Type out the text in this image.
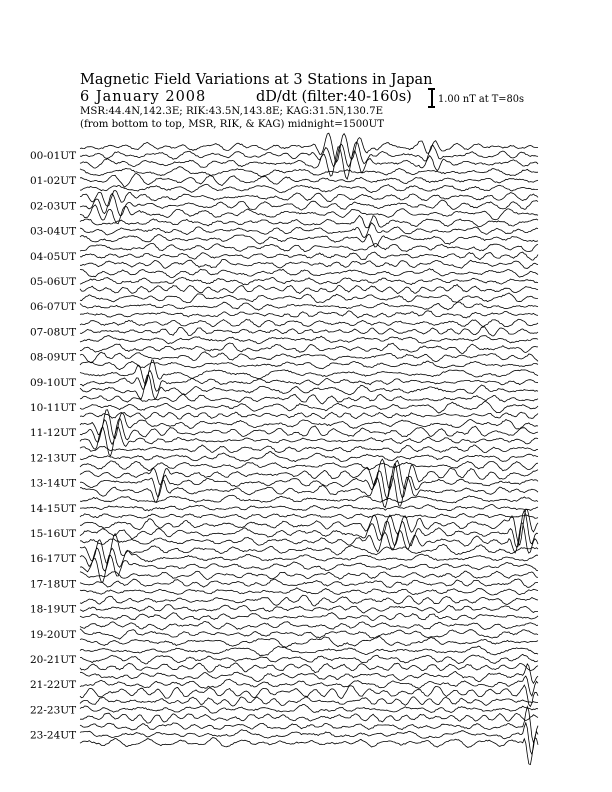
Magnetic Field Variations at 3 Stations in Japan
6 January 2008	dD/dt (filter:40-160s)
MSR:44.4N,142.3E; RIK:43.5N,143.8E; KAG:31.5N,130.7E
(from bottom to top, MSR, RIK, & KAG) midnight=1500UT
1.00 nT at T=80s
00-01UT
01-02UT
02-03UT
03-04UT
04-05UT
05-06UT
06-07UT
07-08UT
08-09UT
09-10UT
10-11UT
11-12UT
12-13UT
13-14UT
14-15UT
15-16UT
16-17UT
17-18UT
18-19UT
19-20UT
20-21UT
21-22UT
22-23UT
23-24UT
